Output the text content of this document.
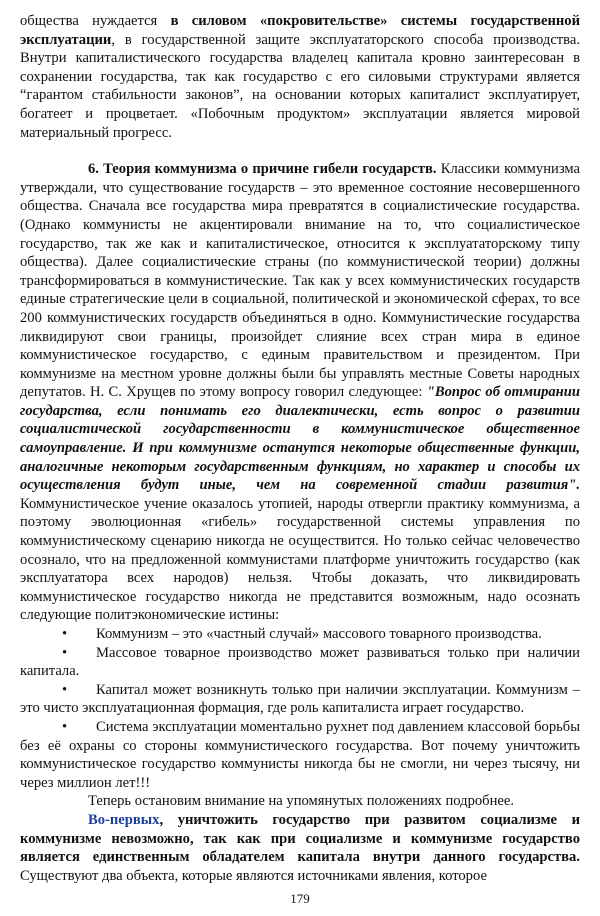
общества нуждается в силовом «покровительстве» системы государственной эксплуатации, в государственной защите эксплуататорского способа производства. Внутри капиталистического государства владелец капитала кровно заинтересован в сохранении государства, так как государство с его силовыми структурами является “гарантом стабильности законов”, на основании которых капиталист эксплуатирует, богатеет и процветает. «Побочным продуктом» эксплуатации является мировой материальный прогресс.

6. Теория коммунизма о причине гибели государств. Классики коммунизма утверждали, что существование государств – это временное состояние несовершенного общества. Сначала все государства мира превратятся в социалистические государства. (Однако коммунисты не акцентировали внимание на то, что социалистическое государство, так же как и капиталистическое, относится к эксплуататорскому типу общества). Далее социалистические страны (по коммунистической теории) должны трансформироваться в коммунистические. Так как у всех коммунистических государств единые стратегические цели в социальной, политической и экономической сферах, то все 200 коммунистических государств объединяться в одно. Коммунистические государства ликвидируют свои границы, произойдет слияние всех стран мира в единое коммунистическое государство, с единым правительством и президентом. При коммунизме на местном уровне должны были бы управлять местные Советы народных депутатов. Н. С. Хрущев по этому вопросу говорил следующее: "Вопрос об отмирании государства, если понимать его диалектически, есть вопрос о развитии социалистической государственности в коммунистическое общественное самоуправление. И при коммунизме останутся некоторые общественные функции, аналогичные некоторым государственным функциям, но характер и способы их осуществления будут иные, чем на современной стадии развития". Коммунистическое учение оказалось утопией, народы отвергли практику коммунизма, а поэтому эволюционная «гибель» государственной системы управления по коммунистическому сценарию никогда не осуществится. Но только сейчас человечество осознало, что на предложенной коммунистами платформе уничтожить государство (как эксплуататора всех народов) нельзя. Чтобы доказать, что ликвидировать коммунистическое государство никогда не представится возможным, надо осознать следующие политэкономические истины:

• Коммунизм – это «частный случай» массового товарного производства.
• Массовое товарное производство может развиваться только при наличии капитала.
• Капитал может возникнуть только при наличии эксплуатации. Коммунизм – это чисто эксплуатационная формация, где роль капиталиста играет государство.
• Система эксплуатации моментально рухнет под давлением классовой борьбы без её охраны со стороны коммунистического государства. Вот почему уничтожить коммунистическое государство коммунисты никогда бы не смогли, ни через тысячу, ни через миллион лет!!!

Теперь остановим внимание на упомянутых положениях подробнее.

Во-первых, уничтожить государство при развитом социализме и коммунизме невозможно, так как при социализме и коммунизме государство является единственным обладателем капитала внутри данного государства. Существуют два объекта, которые являются источниками явления, которое

179
